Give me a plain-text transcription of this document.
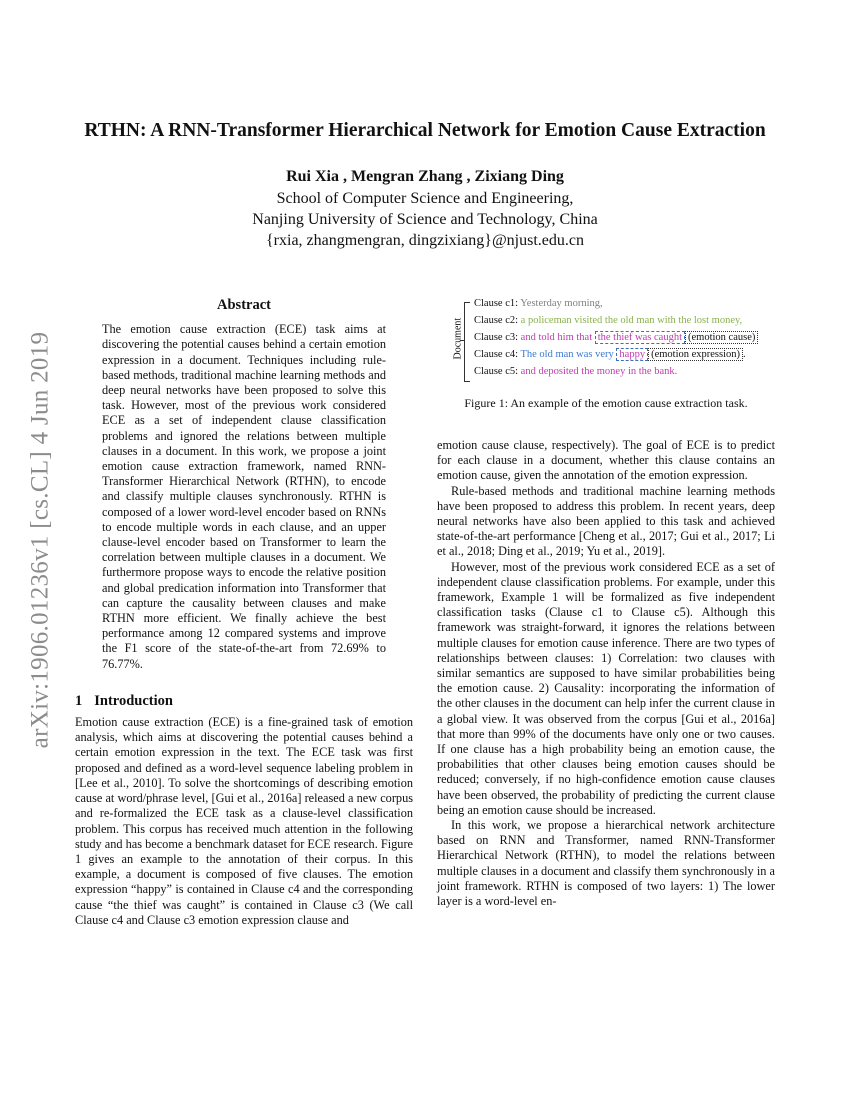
arXiv:1906.01236v1 [cs.CL] 4 Jun 2019
RTHN: A RNN-Transformer Hierarchical Network for Emotion Cause Extraction
Rui Xia , Mengran Zhang , Zixiang Ding
School of Computer Science and Engineering,
Nanjing University of Science and Technology, China
{rxia, zhangmengran, dingzixiang}@njust.edu.cn
Abstract
The emotion cause extraction (ECE) task aims at discovering the potential causes behind a certain emotion expression in a document. Techniques including rule-based methods, traditional machine learning methods and deep neural networks have been proposed to solve this task. However, most of the previous work considered ECE as a set of independent clause classification problems and ignored the relations between multiple clauses in a document. In this work, we propose a joint emotion cause extraction framework, named RNN-Transformer Hierarchical Network (RTHN), to encode and classify multiple clauses synchronously. RTHN is composed of a lower word-level encoder based on RNNs to encode multiple words in each clause, and an upper clause-level encoder based on Transformer to learn the correlation between multiple clauses in a document. We furthermore propose ways to encode the relative position and global predication information into Transformer that can capture the causality between clauses and make RTHN more efficient. We finally achieve the best performance among 12 compared systems and improve the F1 score of the state-of-the-art from 72.69% to 76.77%.
1 Introduction

Emotion cause extraction (ECE) is a fine-grained task of emotion analysis, which aims at discovering the potential causes behind a certain emotion expression in the text. The ECE task was first proposed and defined as a word-level sequence labeling problem in [Lee et al., 2010]. To solve the shortcomings of describing emotion cause at word/phrase level, [Gui et al., 2016a] released a new corpus and re-formalized the ECE task as a clause-level classification problem. This corpus has received much attention in the following study and has become a benchmark dataset for ECE research. Figure 1 gives an example to the annotation of their corpus. In this example, a document is composed of five clauses. The emotion expression “happy” is contained in Clause c4 and the corresponding cause “the thief was caught” is contained in Clause c3 (We call Clause c4 and Clause c3 emotion expression clause and

Document
Clause c1: Yesterday morning,
Clause c2: a policeman visited the old man with the lost money,
Clause c3: and told him that the thief was caught (emotion cause)
Clause c4: The old man was very happy (emotion expression) .
Clause c5: and deposited the money in the bank.
Figure 1: An example of the emotion cause extraction task.

emotion cause clause, respectively). The goal of ECE is to predict for each clause in a document, whether this clause contains an emotion cause, given the annotation of the emotion expression.

Rule-based methods and traditional machine learning methods have been proposed to address this problem. In recent years, deep neural networks have also been applied to this task and achieved state-of-the-art performance [Cheng et al., 2017; Gui et al., 2017; Li et al., 2018; Ding et al., 2019; Yu et al., 2019].

However, most of the previous work considered ECE as a set of independent clause classification problems. For example, under this framework, Example 1 will be formalized as five independent classification tasks (Clause c1 to Clause c5). Although this framework was straight-forward, it ignores the relations between multiple clauses for emotion cause inference. There are two types of relationships between clauses: 1) Correlation: two clauses with similar semantics are supposed to have similar probabilities being the emotion cause. 2) Causality: incorporating the information of the other clauses in the document can help infer the current clause in a global view. It was observed from the corpus [Gui et al., 2016a] that more than 99% of the documents have only one or two causes. If one clause has a high probability being an emotion cause, the probabilities that other clauses being emotion causes should be reduced; conversely, if no high-confidence emotion cause clauses have been observed, the probability of predicting the current clause being an emotion cause should be increased.

In this work, we propose a hierarchical network architecture based on RNN and Transformer, named RNN-Transformer Hierarchical Network (RTHN), to model the relations between multiple clauses in a document and classify them synchronously in a joint framework. RTHN is composed of two layers: 1) The lower layer is a word-level en-
